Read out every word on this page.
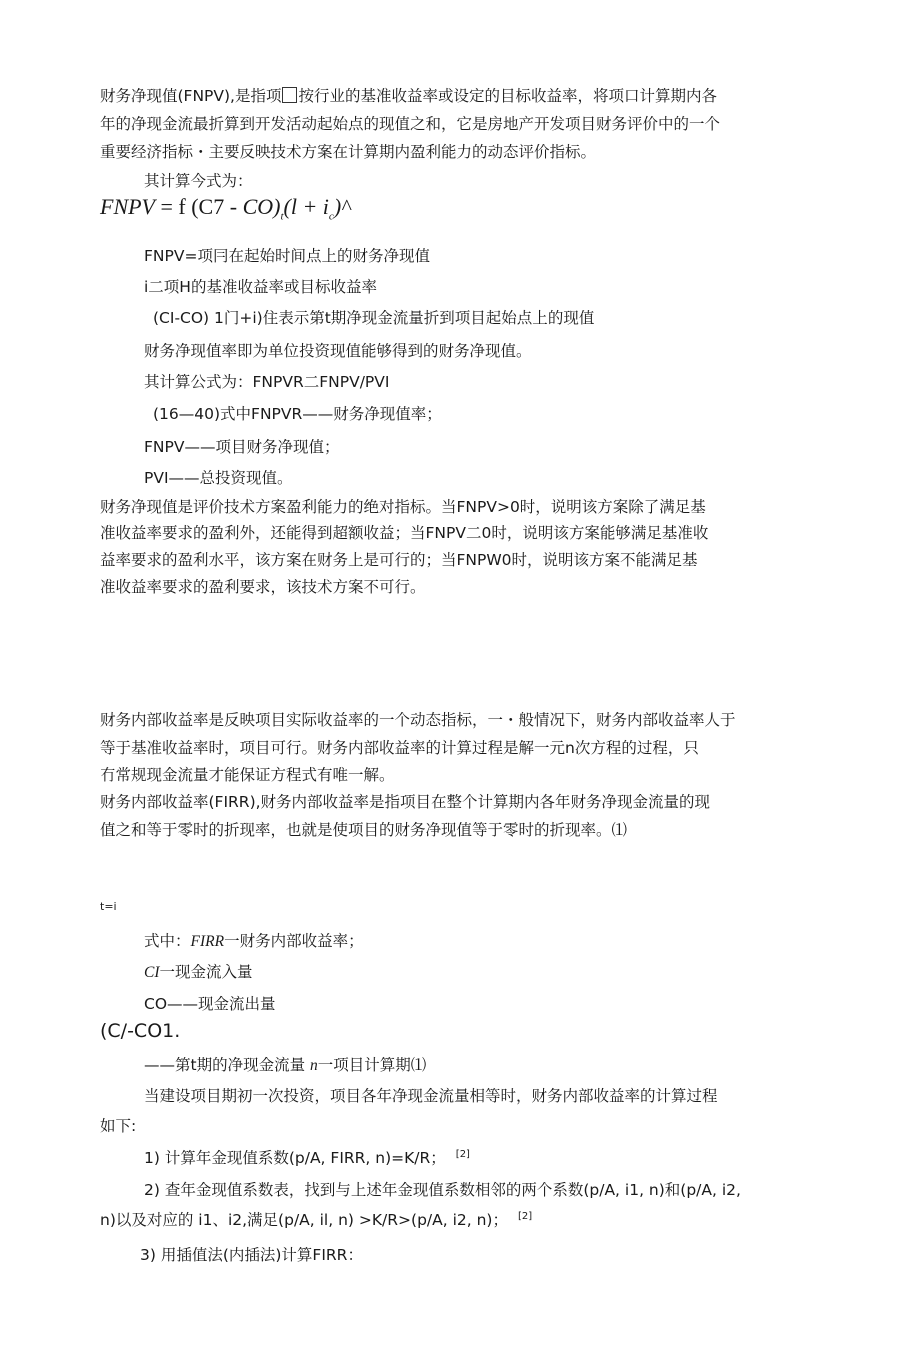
财务净现值(FNPV),是指项 按行业的基准收益率或设定的目标收益率，将项口计算期内各
年的净现金流最折算到开发活动起始点的现值之和，它是房地产开发项目财务评价中的一个
重要经济指标・主要反映技术方案在计算期内盈利能力的动态评价指标。
其计算今式为：
FNPV = f $(C7 - CO)_t(l$ + $i_c)\^{}$
FNPV=项冃在起始时间点上的财务净现值
i二项H的基准收益率或目标收益率
(CI-CO) 1门+i)住表示第t期净现金流量折到项目起始点上的现值
财务净现值率即为单位投资现值能够得到的财务净现值。
其计算公式为：FNPVR二FNPV/PVI
(16—40)式中FNPVR——财务净现值率；
FNPV——项目财务净现值；
PVI——总投资现值。
财务净现值是评价技术方案盈利能力的绝对指标。当FNPV>0时，说明该方案除了满足基
准收益率要求的盈利外，还能得到超额收益；当FNPV二0时，说明该方案能够满足基准收
益率要求的盈利水平，该方案在财务上是可行的；当FNPW0时，说明该方案不能满足基
准收益率要求的盈利要求，该技术方案不可行。
财务内部收益率是反映项目实际收益率的一个动态指标，一・般情况下，财务内部收益率人于
等于基准收益率时，项目可行。财务内部收益率的计算过程是解一元n次方程的过程，只
冇常规现金流量才能保证方程式有唯一解。
财务内部收益率(FIRR),财务内部收益率是指项目在整个计算期内各年财务净现金流量的现
值之和等于零时的折现率，也就是使项目的财务净现值等于零时的折现率。⑴
t=i
式中：FIRR一财务内部收益率；
CI一现金流入量
CO——现金流出量
(C/-CO1.
——第t期的净现金流量 n一项目计算期⑴
当建设项目期初一次投资，项目各年净现金流量相等时，财务内部收益率的计算过程
如下:
1) 计算年金现值系数(p/A, FIRR, n)=K/R； [2]
2) 查年金现值系数表，找到与上述年金现值系数相邻的两个系数(p/A, i1, n)和(p/A, i2,
n)以及对应的 i1、i2,满足(p/A, il, n) >K/R>(p/A, i2, n)； [2]
3) 用插值法(内插法)计算FIRR：
